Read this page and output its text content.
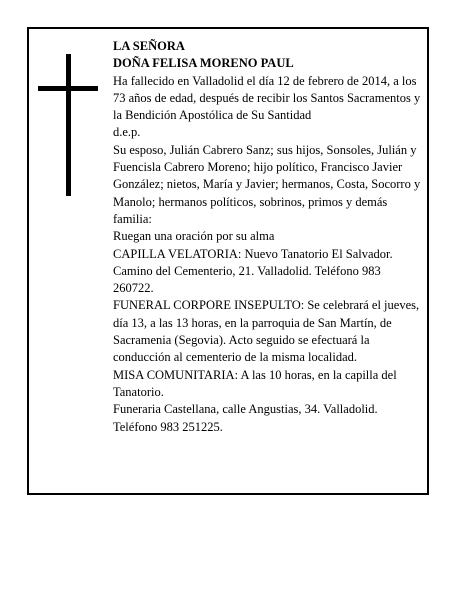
LA SEÑORA

DOÑA FELISA MORENO PAUL

Ha fallecido en Valladolid el día 12 de febrero de 2014, a los 73 años de edad, después de recibir los Santos Sacramentos y la Bendición Apostólica de Su Santidad

d.e.p.

Su esposo, Julián Cabrero Sanz; sus hijos, Sonsoles, Julián y Fuencisla Cabrero Moreno; hijo político, Francisco Javier González; nietos, María y Javier; hermanos, Costa, Socorro y Manolo; hermanos políticos, sobrinos, primos y demás familia:

Ruegan una oración por su alma

CAPILLA VELATORIA: Nuevo Tanatorio El Salvador. Camino del Cementerio, 21. Valladolid. Teléfono 983 260722.

FUNERAL CORPORE INSEPULTO: Se celebrará el jueves, día 13, a las 13 horas, en la parroquia de San Martín, de Sacramenia (Segovia). Acto seguido se efectuará la conducción al cementerio de la misma localidad.

MISA COMUNITARIA: A las 10 horas, en la capilla del Tanatorio.

Funeraria Castellana, calle Angustias, 34. Valladolid. Teléfono 983 251225.
